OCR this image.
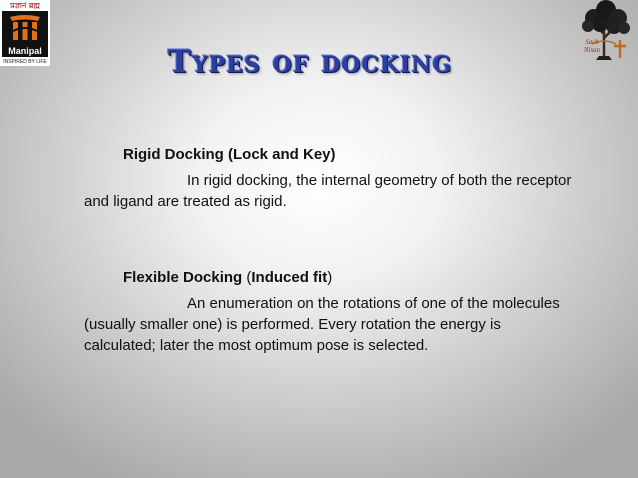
प्रज्ञानं ब्रह्म
Manipal
INSPIRED BY LIFE
Sach
Nisun
Types of docking
Rigid Docking (Lock and Key)
In rigid docking, the internal geometry of both the receptor
and ligand are treated as rigid.
Flexible Docking (Induced fit)
An enumeration on the rotations of one of the molecules
(usually smaller one) is performed. Every rotation the energy is
calculated; later the most optimum pose is selected.
